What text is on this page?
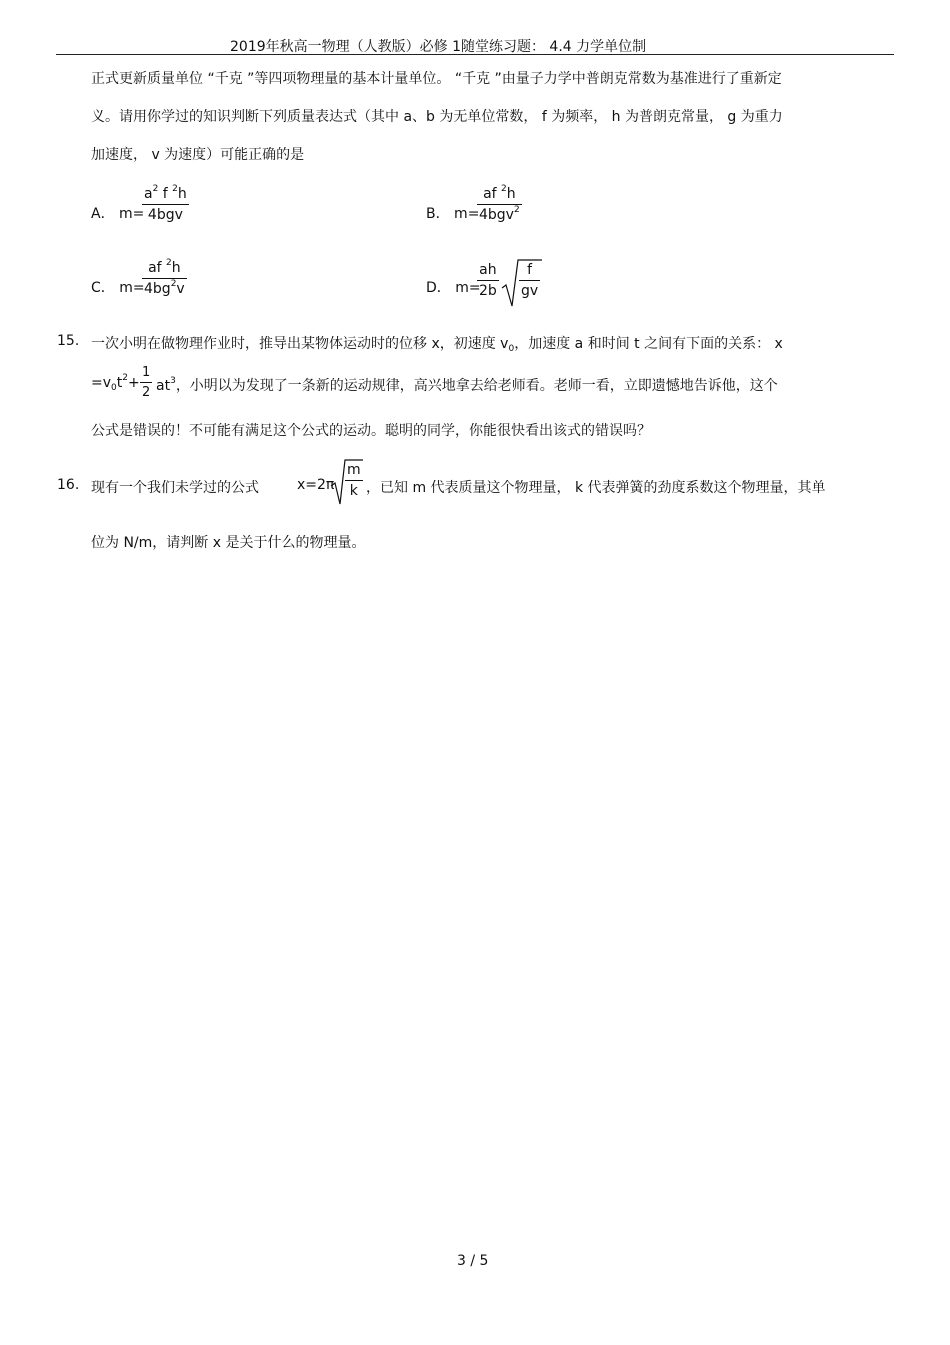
2019年秋高一物理（人教版）必修 1随堂练习题： 4.4 力学单位制
正式更新质量单位 “千克 ”等四项物理量的基本计量单位。 “千克 ”由量子力学中普朗克常数为基准进行了重新定
义。请用你学过的知识判断下列质量表达式（其中 a、b 为无单位常数， f 为频率， h 为普朗克常量， g 为重力
加速度， v 为速度）可能正确的是
A． m=
$a^2$ f $^2$h
4bgv	B． m=
af $^2$h
4bgv$^2$
C． m=
$\frac{af ^2h}{4bg^2v}$	D． m=
$\frac{ah}{2b} \frac{f}{gv}$
15. 一次小明在做物理作业时，推导出某物体运动时的位移 x，初速度 $v_0$，加速度 a 和时间 t 之间有下面的关系： x
$=v_0t^2+ \frac{1}{2} at^3$，小明以为发现了一条新的运动规律，高兴地拿去给老师看。老师一看，立即遗憾地告诉他，这个
公式是错误的！不可能有满足这个公式的运动。聪明的同学，你能很快看出该式的错误吗？
16. 现有一个我们未学过的公式	$x=2\pi \frac{m}{k}$ ，已知 m 代表质量这个物理量， k 代表弹簧的劲度系数这个物理量，其单
位为 N/m，请判断 x 是关于什么的物理量。
3 / 5
